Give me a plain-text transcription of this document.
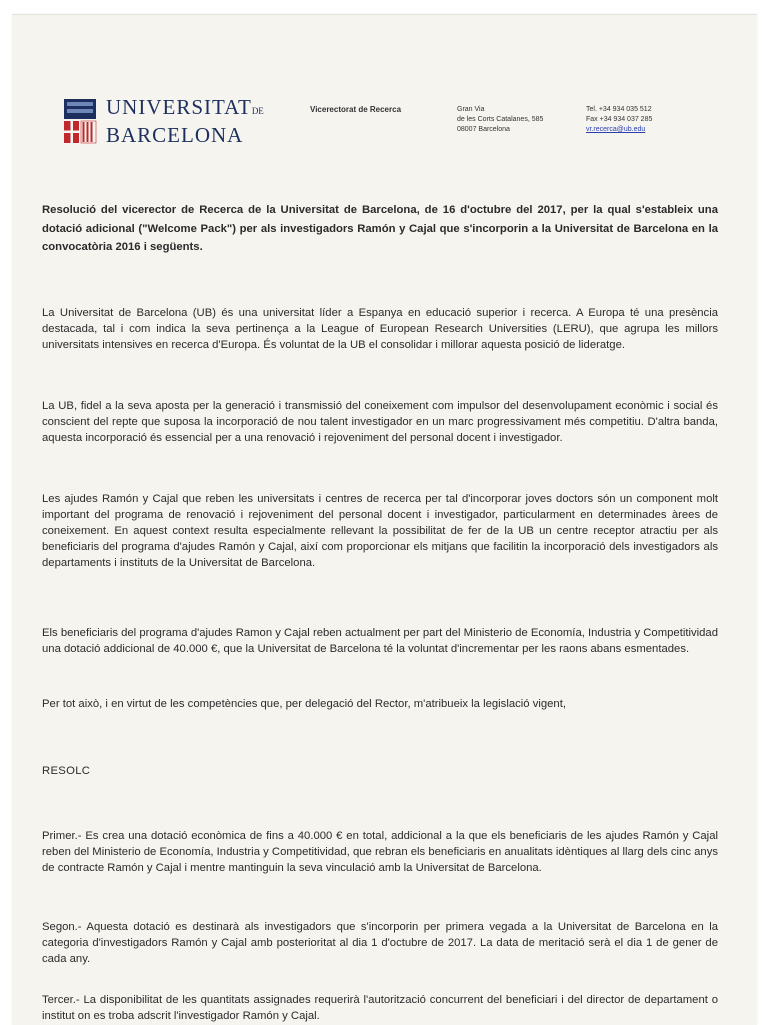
UNIVERSITATDE
BARCELONA
Vicerectorat de Recerca	Gran Via
de les Corts Catalanes, 585
08007 Barcelona
Tel. +34 934 035 512
Fax +34 934 037 285
vr.recerca@ub.edu

Resolució del vicerector de Recerca de la Universitat de Barcelona, de 16 d'octubre del 2017, per la qual s'estableix una dotació adicional ("Welcome Pack") per als investigadors Ramón y Cajal que s'incorporin a la Universitat de Barcelona en la convocatòria 2016 i següents.

La Universitat de Barcelona (UB) és una universitat líder a Espanya en educació superior i recerca. A Europa té una presència destacada, tal i com indica la seva pertinença a la League of European Research Universities (LERU), que agrupa les millors universitats intensives en recerca d'Europa. És voluntat de la UB el consolidar i millorar aquesta posició de lideratge.

La UB, fidel a la seva aposta per la generació i transmissió del coneixement com impulsor del desenvolupament econòmic i social és conscient del repte que suposa la incorporació de nou talent investigador en un marc progressivament més competitiu. D'altra banda, aquesta incorporació és essencial per a una renovació i rejoveniment del personal docent i investigador.

Les ajudes Ramón y Cajal que reben les universitats i centres de recerca per tal d'incorporar joves doctors són un component molt important del programa de renovació i rejoveniment del personal docent i investigador, particularment en determinades àrees de coneixement. En aquest context resulta especialmente rellevant la possibilitat de fer de la UB un centre receptor atractiu per als beneficiaris del programa d'ajudes Ramón y Cajal, així com proporcionar els mitjans que facilitin la incorporació dels investigadors als departaments i instituts de la Universitat de Barcelona.

Els beneficiaris del programa d'ajudes Ramon y Cajal reben actualment per part del Ministerio de Economía, Industria y Competitividad una dotació addicional de 40.000 €, que la Universitat de Barcelona té la voluntat d'incrementar per les raons abans esmentades.

Per tot això, i en virtut de les competències que, per delegació del Rector, m'atribueix la legislació vigent,

RESOLC

Primer.- Es crea una dotació econòmica de fins a 40.000 € en total, addicional a la que els beneficiaris de les ajudes Ramón y Cajal reben del Ministerio de Economía, Industria y Competitividad, que rebran els beneficiaris en anualitats idèntiques al llarg dels cinc anys de contracte Ramón y Cajal i mentre mantinguin la seva vinculació amb la Universitat de Barcelona.

Segon.- Aquesta dotació es destinarà als investigadors que s'incorporin per primera vegada a la Universitat de Barcelona en la categoria d'investigadors Ramón y Cajal amb posterioritat al dia 1 d'octubre de 2017. La data de meritació serà el dia 1 de gener de cada any.

Tercer.- La disponibilitat de les quantitats assignades requerirà l'autorització concurrent del beneficiari i del director de departament o institut on es troba adscrit l'investigador Ramón y Cajal.
